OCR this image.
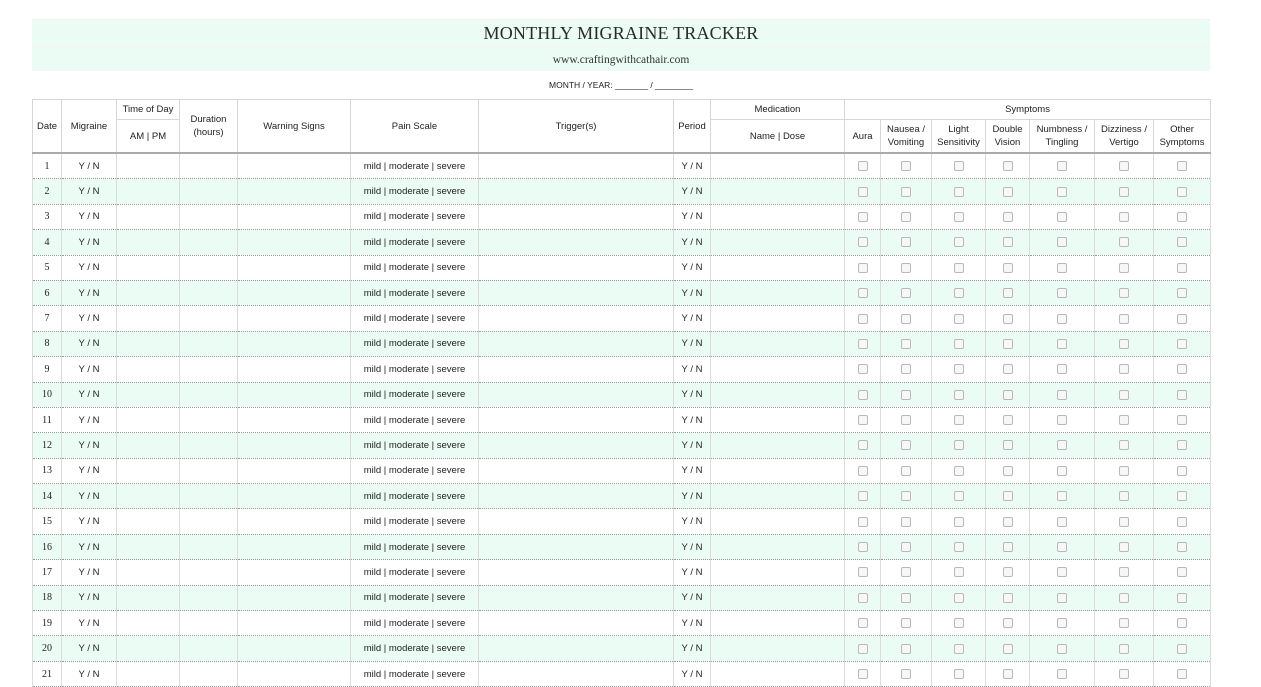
MONTHLY MIGRAINE TRACKER
www.craftingwithcathair.com
MONTH / YEAR: _______ / ________
Date	Migraine	Time of Day	Duration (hours)	Warning Signs	Pain Scale	Trigger(s)	Period	Medication	Symptoms						
		AM | PM						Name | Dose	Aura	Nausea / Vomiting	Light Sensitivity	Double Vision	Numbness / Tingling	Dizziness / Vertigo	Other Symptoms
1	Y / N				mild | moderate | severe		Y / N								
2	Y / N				mild | moderate | severe		Y / N								
3	Y / N				mild | moderate | severe		Y / N								
4	Y / N				mild | moderate | severe		Y / N								
5	Y / N				mild | moderate | severe		Y / N								
6	Y / N				mild | moderate | severe		Y / N								
7	Y / N				mild | moderate | severe		Y / N								
8	Y / N				mild | moderate | severe		Y / N								
9	Y / N				mild | moderate | severe		Y / N								
10	Y / N				mild | moderate | severe		Y / N								
11	Y / N				mild | moderate | severe		Y / N								
12	Y / N				mild | moderate | severe		Y / N								
13	Y / N				mild | moderate | severe		Y / N								
14	Y / N				mild | moderate | severe		Y / N								
15	Y / N				mild | moderate | severe		Y / N								
16	Y / N				mild | moderate | severe		Y / N								
17	Y / N				mild | moderate | severe		Y / N								
18	Y / N				mild | moderate | severe		Y / N								
19	Y / N				mild | moderate | severe		Y / N								
20	Y / N				mild | moderate | severe		Y / N								
21	Y / N				mild | moderate | severe		Y / N								
